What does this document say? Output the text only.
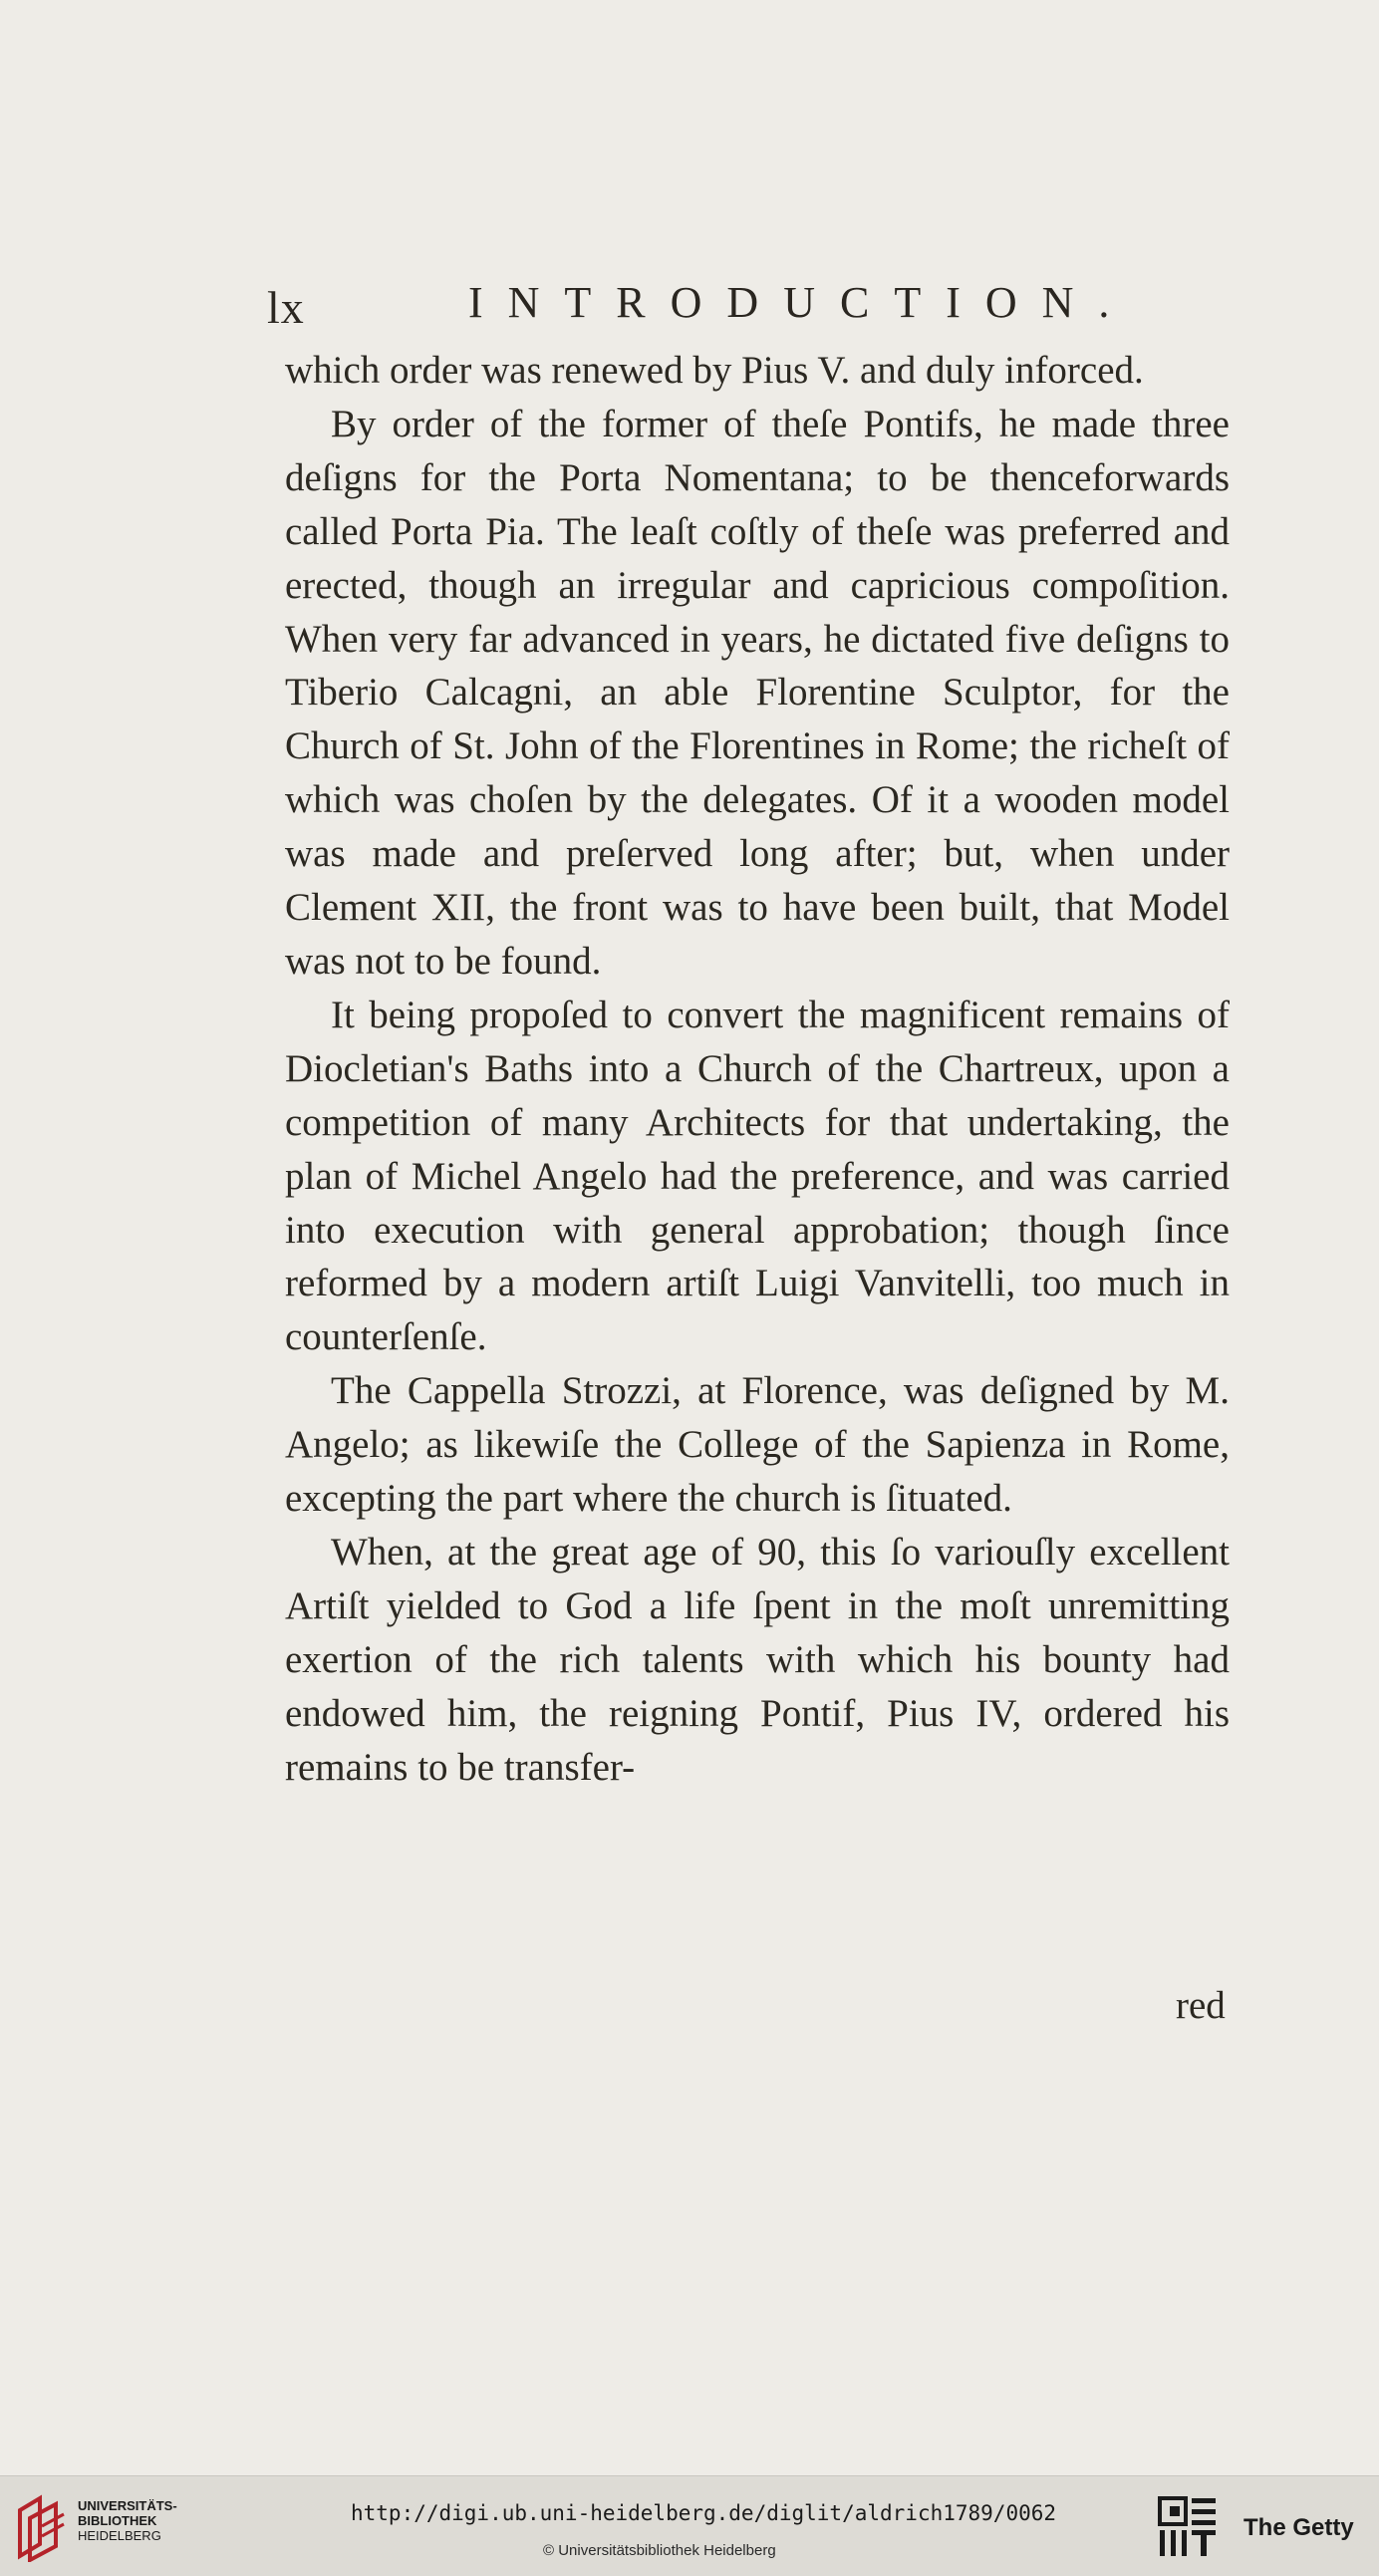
lx	INTRODUCTION.

which order was renewed by Pius V. and duly inforced.

By order of the former of theſe Pontifs, he made three deſigns for the Porta Nomentana; to be thenceforwards called Porta Pia. The leaſt coſtly of theſe was preferred and erected, though an irregular and capricious compoſition. When very far advanced in years, he dictated five deſigns to Tiberio Calcagni, an able Florentine Sculptor, for the Church of St. John of the Florentines in Rome; the richeſt of which was choſen by the delegates. Of it a wooden model was made and preſerved long after; but, when under Clement XII, the front was to have been built, that Model was not to be found.

It being propoſed to convert the magnificent remains of Diocletian's Baths into a Church of the Chartreux, upon a competition of many Architects for that undertaking, the plan of Michel Angelo had the preference, and was carried into execution with general approbation; though ſince reformed by a modern artiſt Luigi Vanvitelli, too much in counterſenſe.

The Cappella Strozzi, at Florence, was deſigned by M. Angelo; as likewiſe the College of the Sapienza in Rome, excepting the part where the church is ſituated.

When, at the great age of 90, this ſo variouſly excellent Artiſt yielded to God a life ſpent in the moſt unremitting exertion of the rich talents with which his bounty had endowed him, the reigning Pontif, Pius IV, ordered his remains to be transfer-

red
UNIVERSITÄTS-
BIBLIOTHEK
HEIDELBERG
http://digi.ub.uni-heidelberg.de/diglit/aldrich1789/0062
© Universitätsbibliothek Heidelberg
The Getty
